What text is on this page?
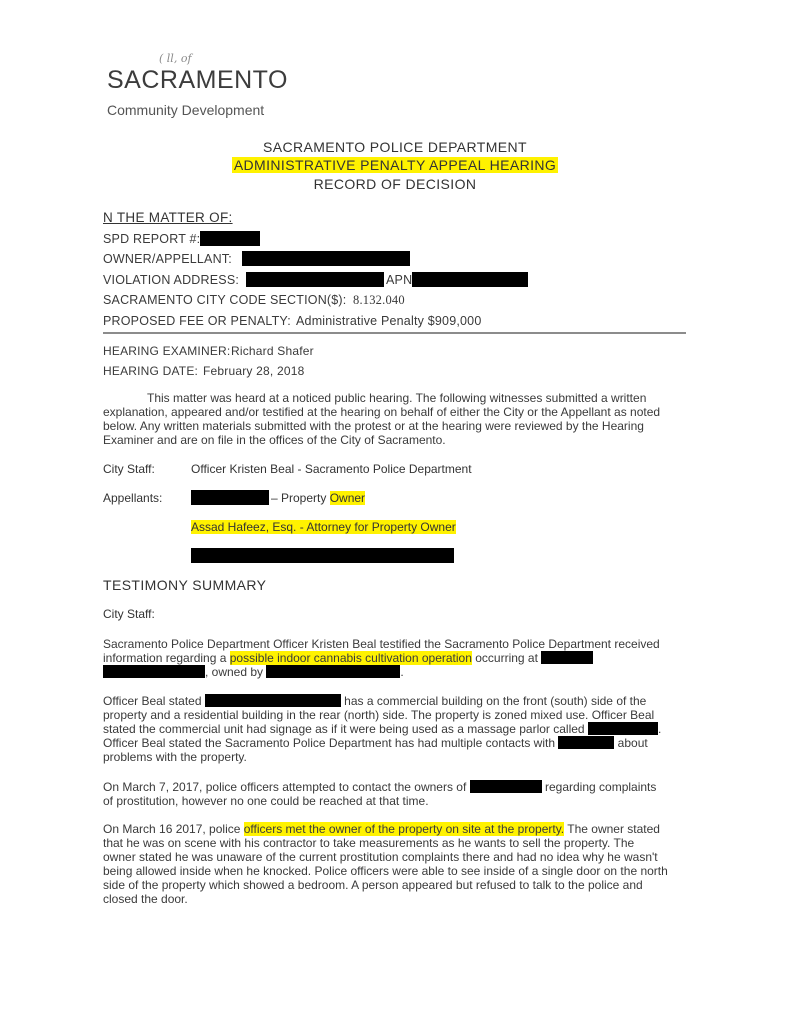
( ll, of
SACRAMENTO
Community Development
SACRAMENTO POLICE DEPARTMENT
ADMINISTRATIVE PENALTY APPEAL HEARING
RECORD OF DECISION
N THE MATTER OF:
SPD REPORT #:
OWNER/APPELLANT:
VIOLATION ADDRESS:	APN
SACRAMENTO CITY CODE SECTION($): 8.132.040
PROPOSED FEE OR PENALTY: Administrative Penalty $909,000
HEARING EXAMINER: Richard Shafer
HEARING DATE: February 28, 2018
This matter was heard at a noticed public hearing. The following witnesses submitted a written explanation, appeared and/or testified at the hearing on behalf of either the City or the Appellant as noted below. Any written materials submitted with the protest or at the hearing were reviewed by the Hearing Examiner and are on file in the offices of the City of Sacramento.
City Staff:	Officer Kristen Beal - Sacramento Police Department
Appellants:	– Property Owner
Assad Hafeez, Esq. - Attorney for Property Owner
TESTIMONY SUMMARY
City Staff:
Sacramento Police Department Officer Kristen Beal testified the Sacramento Police Department received information regarding a possible indoor cannabis cultivation operation occurring at
, owned by	.
Officer Beal stated	has a commercial building on the front (south) side of the property and a residential building in the rear (north) side. The property is zoned mixed use. Officer Beal stated the commercial unit had signage as if it were being used as a massage parlor called	. Officer Beal stated the Sacramento Police Department has had multiple contacts with	about problems with the property.
On March 7, 2017, police officers attempted to contact the owners of	regarding complaints of prostitution, however no one could be reached at that time.
On March 16 2017, police officers met the owner of the property on site at the property. The owner stated that he was on scene with his contractor to take measurements as he wants to sell the property. The owner stated he was unaware of the current prostitution complaints there and had no idea why he wasn't being allowed inside when he knocked. Police officers were able to see inside of a single door on the north side of the property which showed a bedroom. A person appeared but refused to talk to the police and closed the door.
